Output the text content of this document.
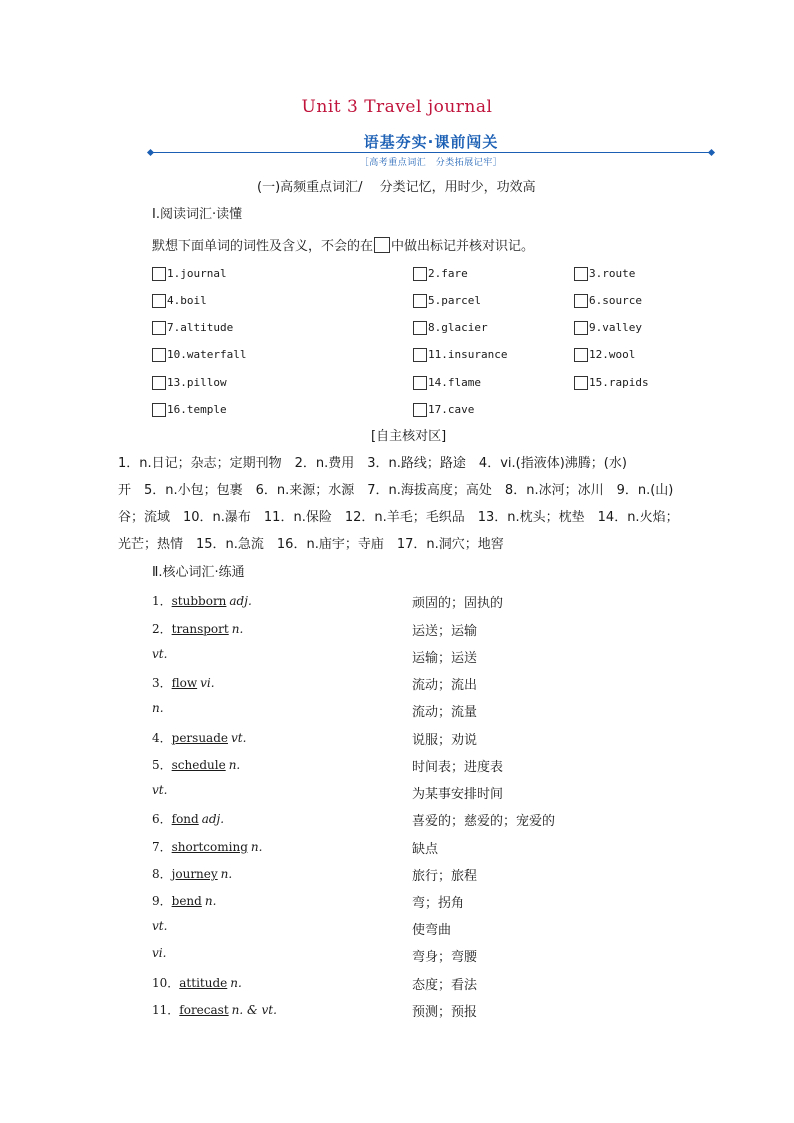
Unit 3 Travel journal
语基夯实·课前闯关
［高考重点词汇　分类拓展记牢］
(一)高频重点词汇/　 分类记忆，用时少，功效高
Ⅰ.阅读词汇·读懂
默想下面单词的词性及含义，不会的在 中做出标记并核对识记。
1.journal	2.fare	3.route
4.boil	5.parcel	6.source
7.altitude	8.glacier	9.valley
10.waterfall	11.insurance	12.wool
13.pillow	14.flame	15.rapids
16.temple	17.cave
[自主核对区]
1．n.日记；杂志；定期刊物　2．n.费用　3．n.路线；路途　4．vi.(指液体)沸腾；(水)
开　5．n.小包；包裹　6．n.来源；水源　7．n.海拔高度；高处　8．n.冰河；冰川　9．n.(山)
谷；流域　10．n.瀑布　11．n.保险　12．n.羊毛；毛织品　13．n.枕头；枕垫　14．n.火焰；
光芒；热情　15．n.急流　16．n.庙宇；寺庙　17．n.洞穴；地窖
Ⅱ.核心词汇·练通
1．stubborn adj.	顽固的；固执的
2．transport n.	运送；运输
vt.	运输；运送
3．flow vi.	流动；流出
n.	流动；流量
4．persuade vt.	说服；劝说
5．schedule n.	时间表；进度表
vt.	为某事安排时间
6．fond adj.	喜爱的；慈爱的；宠爱的
7．shortcoming n.	缺点
8．journey n.	旅行；旅程
9．bend n.	弯；拐角
vt.	使弯曲
vi.	弯身；弯腰
10．attitude n.	态度；看法
11．forecast n. & vt.	预测；预报
